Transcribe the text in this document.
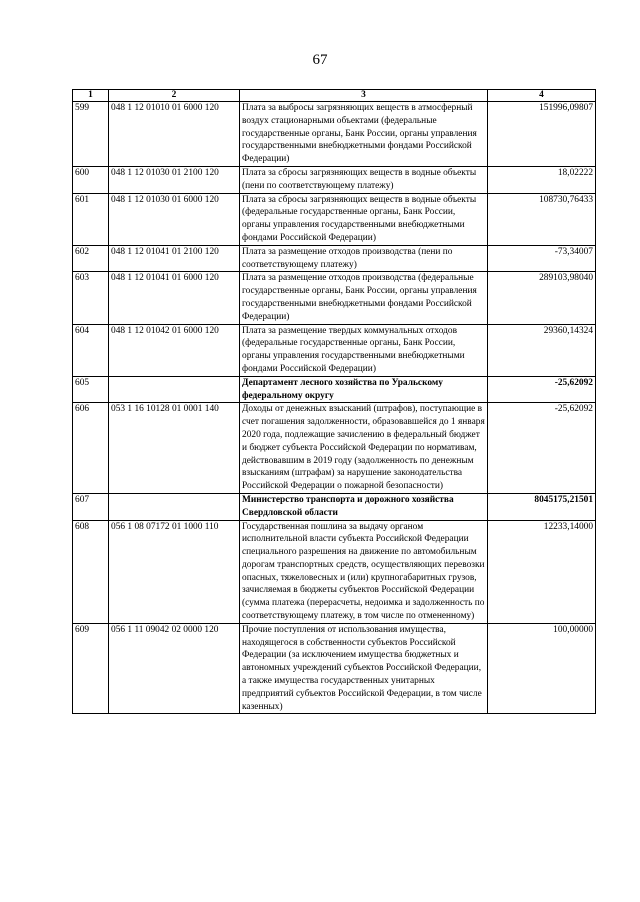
67
1	2	3	4
599	048 1 12 01010 01 6000 120	Плата за выбросы загрязняющих веществ в атмосферный воздух стационарными объектами (федеральные государственные органы, Банк России, органы управления государственными внебюджетными фондами Российской Федерации)	151996,09807
600	048 1 12 01030 01 2100 120	Плата за сбросы загрязняющих веществ в водные объекты (пени по соответствующему платежу)	18,02222
601	048 1 12 01030 01 6000 120	Плата за сбросы загрязняющих веществ в водные объекты (федеральные государственные органы, Банк России, органы управления государственными внебюджетными фондами Российской Федерации)	108730,76433
602	048 1 12 01041 01 2100 120	Плата за размещение отходов производства (пени по соответствующему платежу)	-73,34007
603	048 1 12 01041 01 6000 120	Плата за размещение отходов производства (федеральные государственные органы, Банк России, органы управления государственными внебюджетными фондами Российской Федерации)	289103,98040
604	048 1 12 01042 01 6000 120	Плата за размещение твердых коммунальных отходов (федеральные государственные органы, Банк России, органы управления государственными внебюджетными фондами Российской Федерации)	29360,14324
605		Департамент лесного хозяйства по Уральскому федеральному округу	-25,62092
606	053 1 16 10128 01 0001 140	Доходы от денежных взысканий (штрафов), поступающие в счет погашения задолженности, образовавшейся до 1 января 2020 года, подлежащие зачислению в федеральный бюджет и бюджет субъекта Российской Федерации по нормативам, действовавшим в 2019 году (задолженность по денежным взысканиям (штрафам) за нарушение законодательства Российской Федерации о пожарной безопасности)	-25,62092
607		Министерство транспорта и дорожного хозяйства Свердловской области	8045175,21501
608	056 1 08 07172 01 1000 110	Государственная пошлина за выдачу органом исполнительной власти субъекта Российской Федерации специального разрешения на движение по автомобильным дорогам транспортных средств, осуществляющих перевозки опасных, тяжеловесных и (или) крупногабаритных грузов, зачисляемая в бюджеты субъектов Российской Федерации (сумма платежа (перерасчеты, недоимка и задолженность по соответствующему платежу, в том числе по отмененному)	12233,14000
609	056 1 11 09042 02 0000 120	Прочие поступления от использования имущества, находящегося в собственности субъектов Российской Федерации (за исключением имущества бюджетных и автономных учреждений субъектов Российской Федерации, а также имущества государственных унитарных предприятий субъектов Российской Федерации, в том числе казенных)	100,00000
